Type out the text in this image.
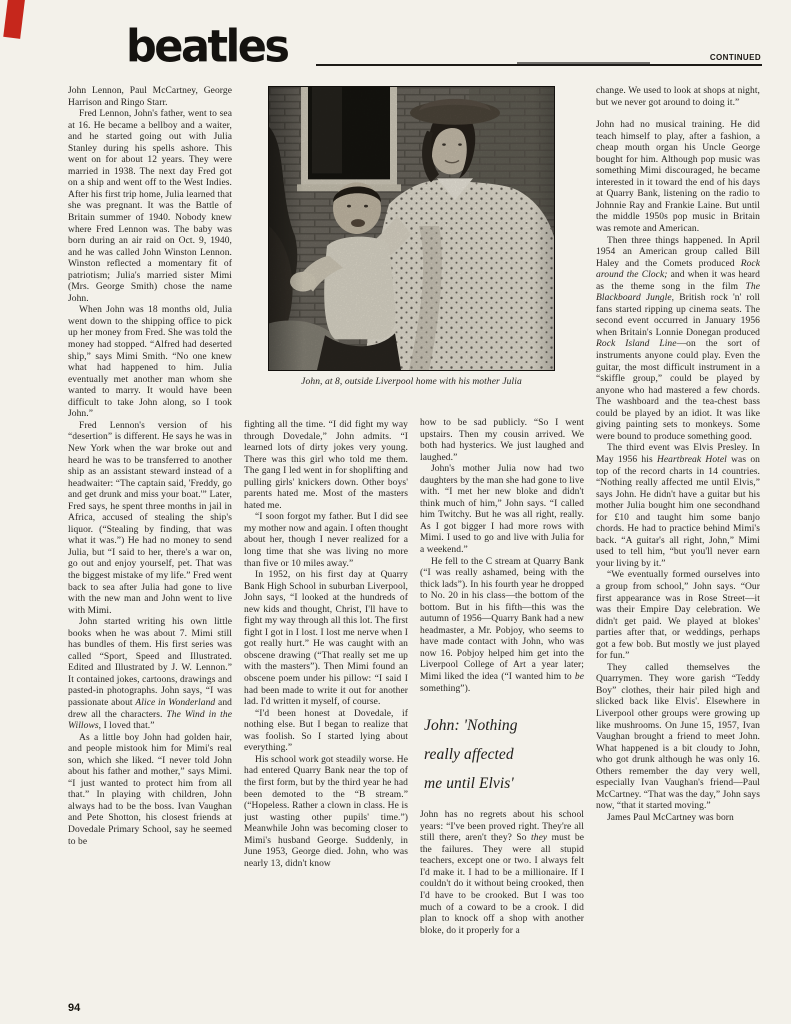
beatles	CONTINUED

John Lennon, Paul McCartney, George Harrison and Ringo Starr.

Fred Lennon, John's father, went to sea at 16. He became a bellboy and a waiter, and he started going out with Julia Stanley during his spells ashore. This went on for about 12 years. They were married in 1938. The next day Fred got on a ship and went off to the West Indies. After his first trip home, Julia learned that she was pregnant. It was the Battle of Britain summer of 1940. Nobody knew where Fred Lennon was. The baby was born during an air raid on Oct. 9, 1940, and he was called John Winston Lennon. Winston reflected a momentary fit of patriotism; Julia's married sister Mimi (Mrs. George Smith) chose the name John.

When John was 18 months old, Julia went down to the shipping office to pick up her money from Fred. She was told the money had stopped. “Alfred had deserted ship,” says Mimi Smith. “No one knew what had happened to him. Julia eventually met another man whom she wanted to marry. It would have been difficult to take John along, so I took John.”

Fred Lennon's version of his “desertion” is different. He says he was in New York when the war broke out and heard he was to be transferred to another ship as an assistant steward instead of a headwaiter: “The captain said, 'Freddy, go and get drunk and miss your boat.'” Later, Fred says, he spent three months in jail in Africa, accused of stealing the ship's liquor. (“Stealing by finding, that was what it was.”) He had no money to send Julia, but “I said to her, there's a war on, go out and enjoy yourself, pet. That was the biggest mistake of my life.” Fred went back to sea after Julia had gone to live with the new man and John went to live with Mimi.

John started writing his own little books when he was about 7. Mimi still has bundles of them. His first series was called “Sport, Speed and Illustrated. Edited and Illustrated by J. W. Lennon.” It contained jokes, cartoons, drawings and pasted-in photographs. John says, “I was passionate about Alice in Wonderland and drew all the characters. The Wind in the Willows, I loved that.”

As a little boy John had golden hair, and people mistook him for Mimi's real son, which she liked. “I never told John about his father and mother,” says Mimi. “I just wanted to protect him from all that.” In playing with children, John always had to be the boss. Ivan Vaughan and Pete Shotton, his closest friends at Dovedale Primary School, say he seemed to be

John, at 8, outside Liverpool home with his mother Julia

fighting all the time. “I did fight my way through Dovedale,” John admits. “I learned lots of dirty jokes very young. There was this girl who told me them. The gang I led went in for shoplifting and pulling girls' knickers down. Other boys' parents hated me. Most of the masters hated me.

“I soon forgot my father. But I did see my mother now and again. I often thought about her, though I never realized for a long time that she was living no more than five or 10 miles away.”

In 1952, on his first day at Quarry Bank High School in suburban Liverpool, John says, “I looked at the hundreds of new kids and thought, Christ, I'll have to fight my way through all this lot. The first fight I got in I lost. I lost me nerve when I got really hurt.” He was caught with an obscene drawing (“That really set me up with the masters”). Then Mimi found an obscene poem under his pillow: “I said I had been made to write it out for another lad. I'd written it myself, of course.

“I'd been honest at Dovedale, if nothing else. But I began to realize that was foolish. So I started lying about everything.”

His school work got steadily worse. He had entered Quarry Bank near the top of the first form, but by the third year he had been demoted to the “B stream.” (“Hopeless. Rather a clown in class. He is just wasting other pupils' time.”) Meanwhile John was becoming closer to Mimi's husband George. Suddenly, in June 1953, George died. John, who was nearly 13, didn't know

how to be sad publicly. “So I went upstairs. Then my cousin arrived. We both had hysterics. We just laughed and laughed.”

John's mother Julia now had two daughters by the man she had gone to live with. “I met her new bloke and didn't think much of him,” John says. “I called him Twitchy. But he was all right, really. As I got bigger I had more rows with Mimi. I used to go and live with Julia for a weekend.”

He fell to the C stream at Quarry Bank (“I was really ashamed, being with the thick lads”). In his fourth year he dropped to No. 20 in his class—the bottom of the bottom. But in his fifth—this was the autumn of 1956—Quarry Bank had a new headmaster, a Mr. Pobjoy, who seems to have made contact with John, who was now 16. Pobjoy helped him get into the Liverpool College of Art a year later; Mimi liked the idea (“I wanted him to be something”).

John: 'Nothing
really affected
me until Elvis'

John has no regrets about his school years: “I've been proved right. They're all still there, aren't they? So they must be the failures. They were all stupid teachers, except one or two. I always felt I'd make it. I had to be a millionaire. If I couldn't do it without being crooked, then I'd have to be crooked. But I was too much of a coward to be a crook. I did plan to knock off a shop with another bloke, do it properly for a

change. We used to look at shops at night, but we never got around to doing it.”

John had no musical training. He did teach himself to play, after a fashion, a cheap mouth organ his Uncle George bought for him. Although pop music was something Mimi discouraged, he became interested in it toward the end of his days at Quarry Bank, listening on the radio to Johnnie Ray and Frankie Laine. But until the middle 1950s pop music in Britain was remote and American.

Then three things happened. In April 1954 an American group called Bill Haley and the Comets produced Rock around the Clock; and when it was heard as the theme song in the film The Blackboard Jungle, British rock 'n' roll fans started ripping up cinema seats. The second event occurred in January 1956 when Britain's Lonnie Donegan produced Rock Island Line—on the sort of instruments anyone could play. Even the guitar, the most difficult instrument in a “skiffle group,” could be played by anyone who had mastered a few chords. The washboard and the tea-chest bass could be played by an idiot. It was like giving painting sets to monkeys. Some were bound to produce something good.

The third event was Elvis Presley. In May 1956 his Heartbreak Hotel was on top of the record charts in 14 countries. “Nothing really affected me until Elvis,” says John. He didn't have a guitar but his mother Julia bought him one secondhand for £10 and taught him some banjo chords. He had to practice behind Mimi's back. “A guitar's all right, John,” Mimi used to tell him, “but you'll never earn your living by it.”

“We eventually formed ourselves into a group from school,” John says. “Our first appearance was in Rose Street—it was their Empire Day celebration. We didn't get paid. We played at blokes' parties after that, or weddings, perhaps got a few bob. But mostly we just played for fun.”

They called themselves the Quarrymen. They wore garish “Teddy Boy” clothes, their hair piled high and slicked back like Elvis'. Elsewhere in Liverpool other groups were growing up like mushrooms. On June 15, 1957, Ivan Vaughan brought a friend to meet John. What happened is a bit cloudy to John, who got drunk although he was only 16. Others remember the day very well, especially Ivan Vaughan's friend—Paul McCartney. “That was the day,” John says now, “that it started moving.”

James Paul McCartney was born

94
